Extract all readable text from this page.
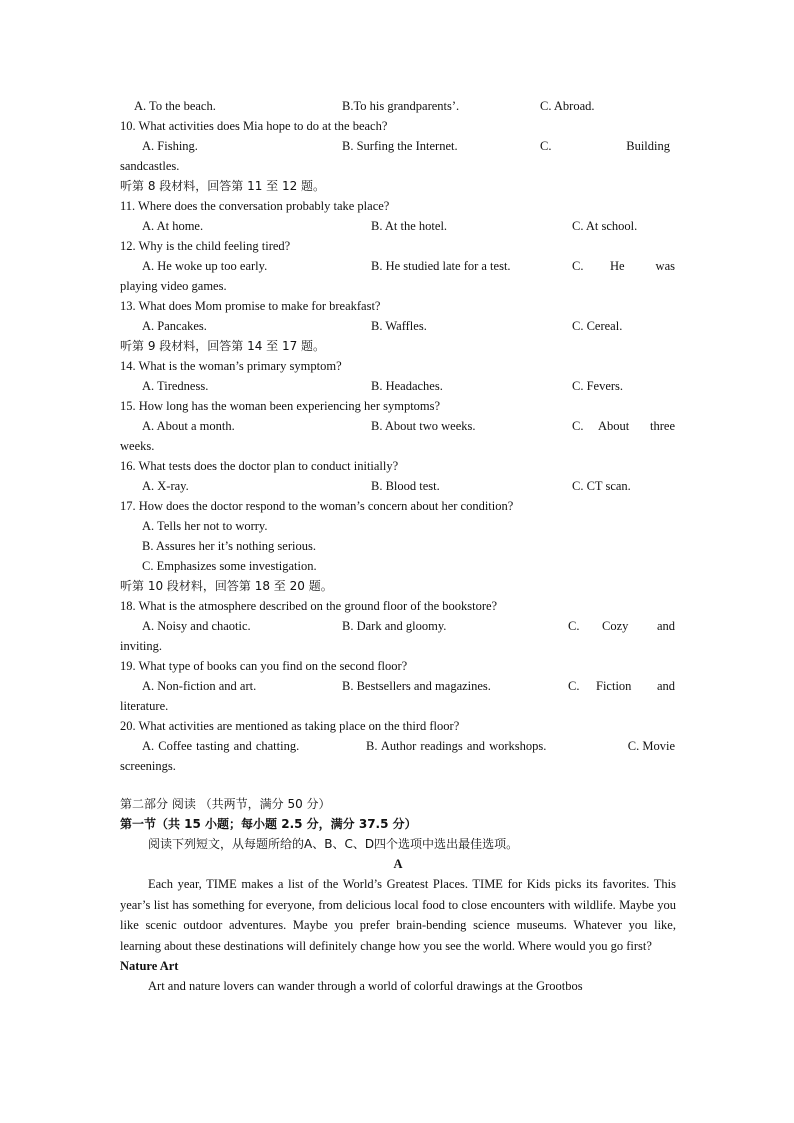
A. To the beach.	B.To his grandparents’.	C. Abroad.
10. What activities does Mia hope to do at the beach?
A. Fishing.	B. Surfing the Internet.	C.	Building
sandcastles.
听第 8 段材料，回答第 11 至 12 题。
11. Where does the conversation probably take place?
A. At home.	B. At the hotel.	C. At school.
12. Why is the child feeling tired?
A. He woke up too early.	B. He studied late for a test.	C. He was
playing video games.
13. What does Mom promise to make for breakfast?
A. Pancakes.	B. Waffles.	C. Cereal.
听第 9 段材料，回答第 14 至 17 题。
14. What is the woman’s primary symptom?
A. Tiredness.	B. Headaches.	C. Fevers.
15. How long has the woman been experiencing her symptoms?
A. About a month.	B. About two weeks.	C. About three
weeks.
16. What tests does the doctor plan to conduct initially?
A. X-ray.	B. Blood test.	C. CT scan.
17. How does the doctor respond to the woman’s concern about her condition?
A. Tells her not to worry.
B. Assures her it’s nothing serious.
C. Emphasizes some investigation.
听第 10 段材料，回答第 18 至 20 题。
18. What is the atmosphere described on the ground floor of the bookstore?
A. Noisy and chaotic.	B. Dark and gloomy.	C. Cozy and
inviting.
19. What type of books can you find on the second floor?
A. Non-fiction and art.	B. Bestsellers and magazines.	C. Fiction and
literature.
20. What activities are mentioned as taking place on the third floor?
A. Coffee tasting and chatting.	B. Author readings and workshops.	C. Movie
screenings.
第二部分 阅读 （共两节，满分 50 分）
第一节（共 15 小题；每小题 2.5 分，满分 37.5 分）
阅读下列短文，从每题所给的A、B、C、D四个选项中选出最佳选项。
A

Each year, TIME makes a list of the World’s Greatest Places. TIME for Kids picks its favorites. This year’s list has something for everyone, from delicious local food to close encounters with wildlife. Maybe you like scenic outdoor adventures. Maybe you prefer brain-bending science museums. Whatever you like, learning about these destinations will definitely change how you see the world. Where would you go first?

Nature Art

Art and nature lovers can wander through a world of colorful drawings at the Grootbos
